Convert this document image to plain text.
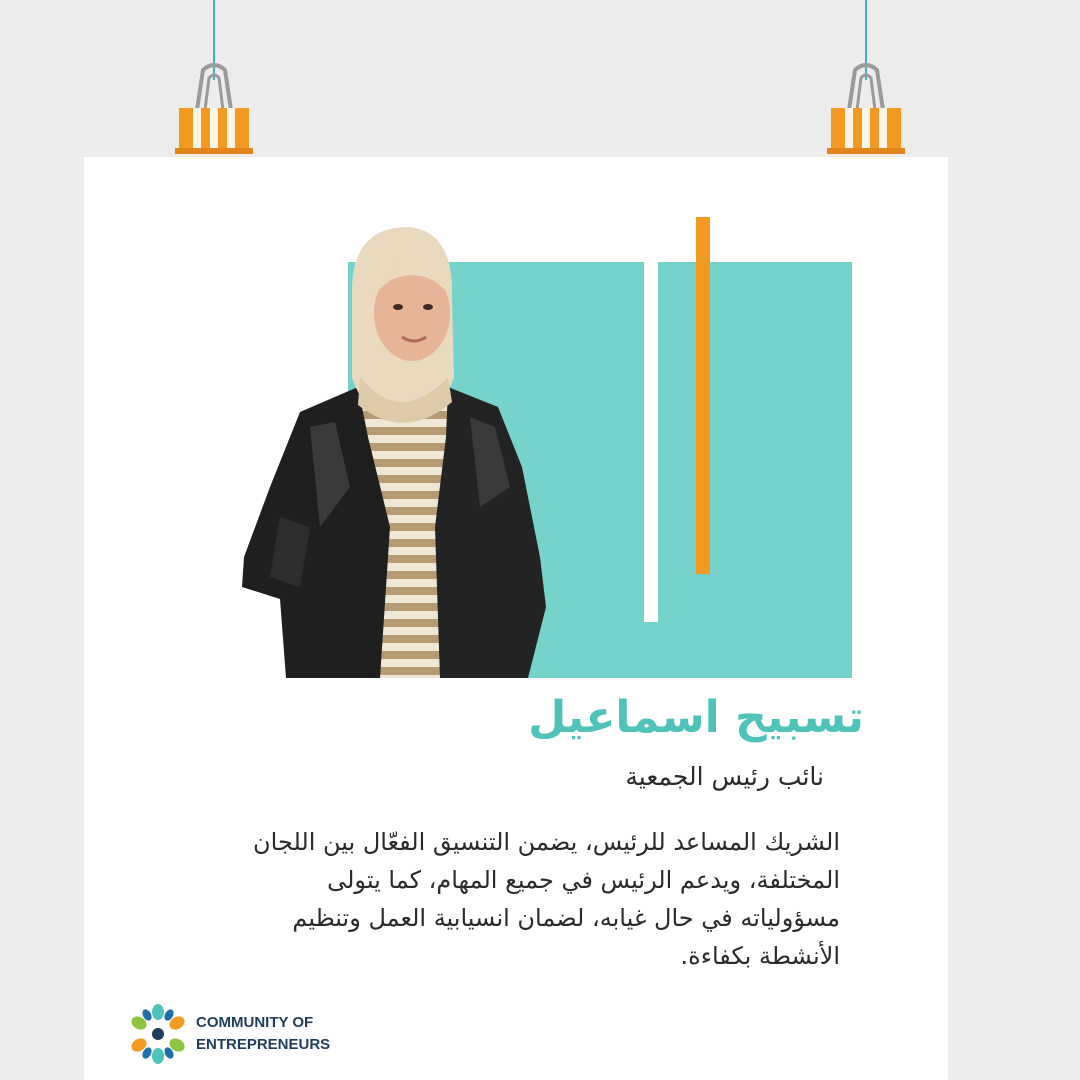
تسبيح اسماعيل

نائب رئيس الجمعية

الشريك المساعد للرئيس، يضمن التنسيق الفعّال بين اللجان المختلفة، ويدعم الرئيس في جميع المهام، كما يتولى مسؤولياته في حال غيابه، لضمان انسيابية العمل وتنظيم الأنشطة بكفاءة.

COMMUNITY OF
ENTREPRENEURS
